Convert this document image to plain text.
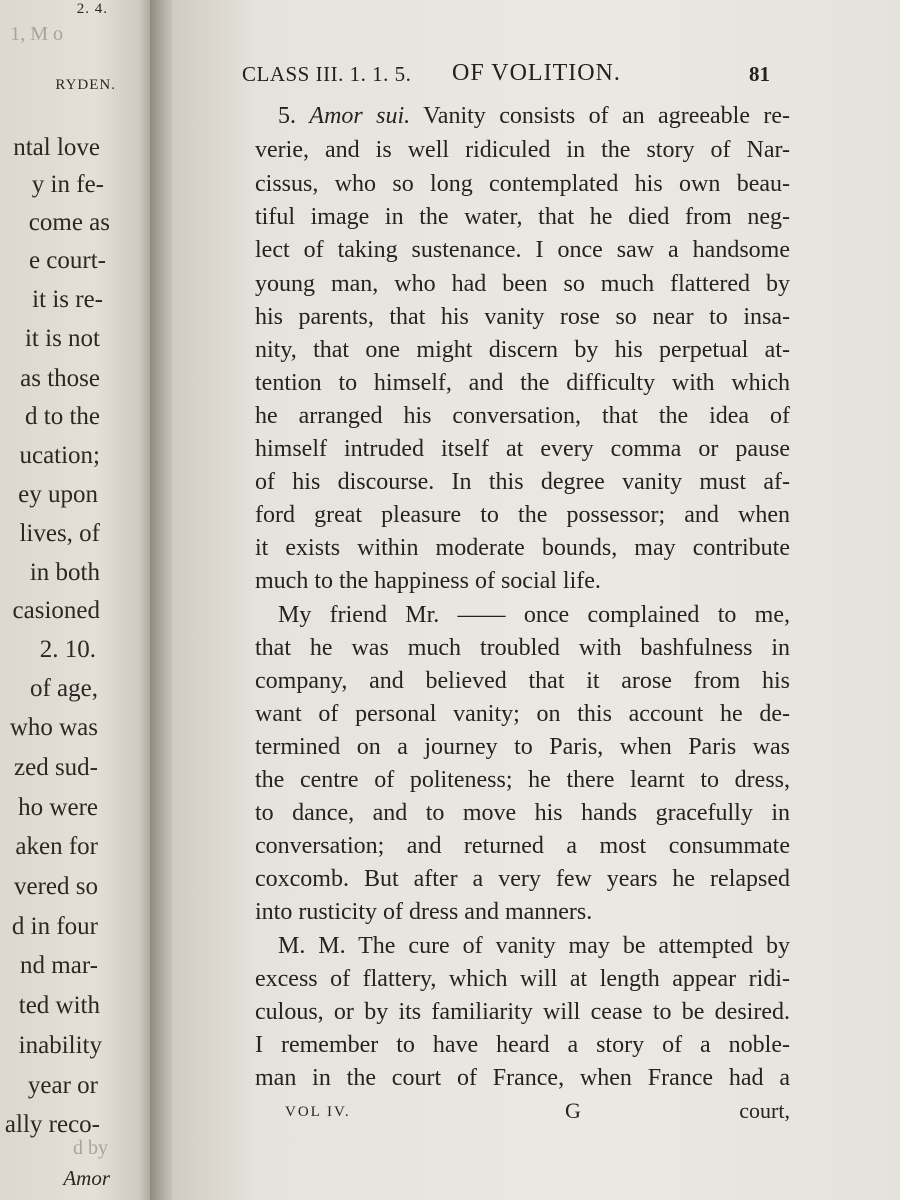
2. 4.
1, M o
RYDEN.
ntal love
y in fe-
come as
e court-
it is re-
it is not
as those
d to the
ucation;
ey upon
lives, of
in both
casioned
2. 10.
of age,
who was
zed sud-
ho were
aken for
vered so
d in four
nd mar-
ted with
inability
year or
ally reco-
d by
Amor
CLASS III. 1. 1. 5. OF VOLITION.	81
5. Amor sui. Vanity consists of an agreeable re-
verie, and is well ridiculed in the story of Nar-
cissus, who so long contemplated his own beau-
tiful image in the water, that he died from neg-
lect of taking sustenance. I once saw a handsome
young man, who had been so much flattered by
his parents, that his vanity rose so near to insa-
nity, that one might discern by his perpetual at-
tention to himself, and the difficulty with which
he arranged his conversation, that the idea of
himself intruded itself at every comma or pause
of his discourse. In this degree vanity must af-
ford great pleasure to the possessor; and when
it exists within moderate bounds, may contribute
much to the happiness of social life.
My friend Mr. —— once complained to me,
that he was much troubled with bashfulness in
company, and believed that it arose from his
want of personal vanity; on this account he de-
termined on a journey to Paris, when Paris was
the centre of politeness; he there learnt to dress,
to dance, and to move his hands gracefully in
conversation; and returned a most consummate
coxcomb. But after a very few years he relapsed
into rusticity of dress and manners.
M. M. The cure of vanity may be attempted by
excess of flattery, which will at length appear ridi-
culous, or by its familiarity will cease to be desired.
I remember to have heard a story of a noble-
man in the court of France, when France had a
VOL IV.	G	court,
